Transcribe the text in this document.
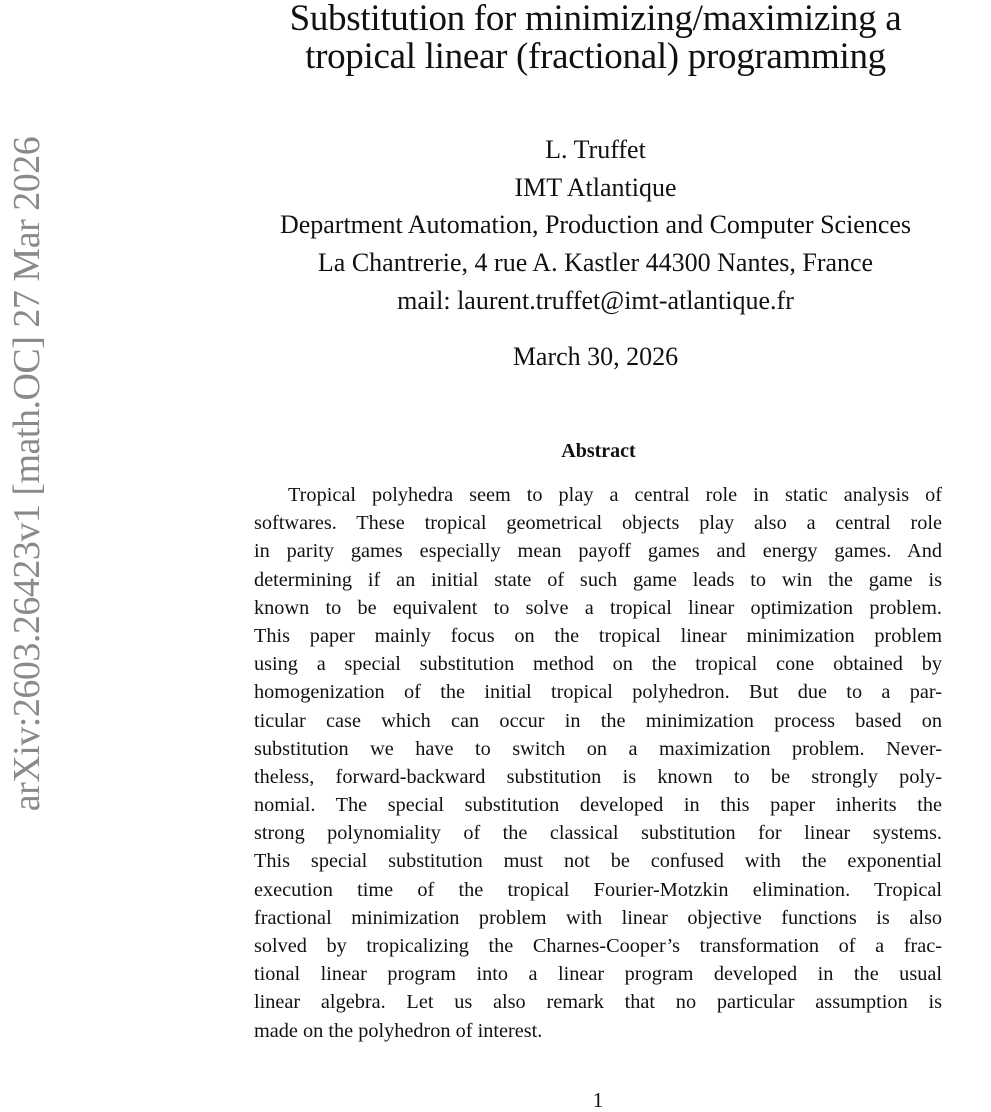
arXiv:2603.26423v1 [math.OC] 27 Mar 2026
Substitution for minimizing/maximizing a
tropical linear (fractional) programming
L. Truffet
IMT Atlantique
Department Automation, Production and Computer Sciences
La Chantrerie, 4 rue A. Kastler 44300 Nantes, France
mail: laurent.truffet@imt-atlantique.fr
March 30, 2026
Abstract
Tropical polyhedra seem to play a central role in static analysis of
softwares. These tropical geometrical objects play also a central role
in parity games especially mean payoff games and energy games. And
determining if an initial state of such game leads to win the game is
known to be equivalent to solve a tropical linear optimization problem.
This paper mainly focus on the tropical linear minimization problem
using a special substitution method on the tropical cone obtained by
homogenization of the initial tropical polyhedron. But due to a par-
ticular case which can occur in the minimization process based on
substitution we have to switch on a maximization problem. Never-
theless, forward-backward substitution is known to be strongly poly-
nomial. The special substitution developed in this paper inherits the
strong polynomiality of the classical substitution for linear systems.
This special substitution must not be confused with the exponential
execution time of the tropical Fourier-Motzkin elimination. Tropical
fractional minimization problem with linear objective functions is also
solved by tropicalizing the Charnes-Cooper’s transformation of a frac-
tional linear program into a linear program developed in the usual
linear algebra. Let us also remark that no particular assumption is
made on the polyhedron of interest.
1
